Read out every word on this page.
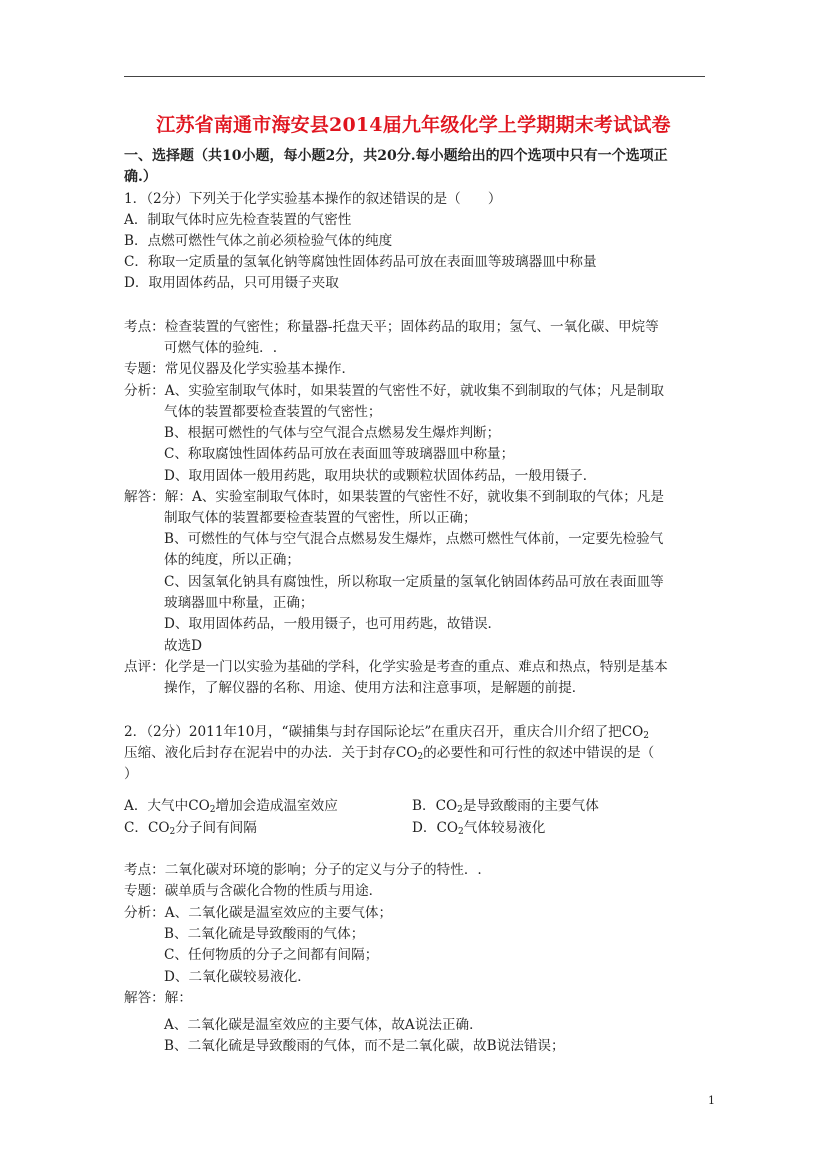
江苏省南通市海安县2014届九年级化学上学期期末考试试卷
一、选择题（共10小题，每小题2分，共20分.每小题给出的四个选项中只有一个选项正
确.）
1．（2分）下列关于化学实验基本操作的叙述错误的是（　　）
A．制取气体时应先检查装置的气密性
B．点燃可燃性气体之前必须检验气体的纯度
C．称取一定质量的氢氧化钠等腐蚀性固体药品可放在表面皿等玻璃器皿中称量
D．取用固体药品，只可用镊子夹取
考点：检查装置的气密性；称量器-托盘天平；固体药品的取用；氢气、一氧化碳、甲烷等
可燃气体的验纯．.
专题：常见仪器及化学实验基本操作．
分析：A、实验室制取气体时，如果装置的气密性不好，就收集不到制取的气体；凡是制取
气体的装置都要检查装置的气密性；
B、根据可燃性的气体与空气混合点燃易发生爆炸判断；
C、称取腐蚀性固体药品可放在表面皿等玻璃器皿中称量；
D、取用固体一般用药匙，取用块状的或颗粒状固体药品，一般用镊子．
解答：解：A、实验室制取气体时，如果装置的气密性不好，就收集不到制取的气体；凡是
制取气体的装置都要检查装置的气密性，所以正确；
B、可燃性的气体与空气混合点燃易发生爆炸，点燃可燃性气体前，一定要先检验气
体的纯度，所以正确；
C、因氢氧化钠具有腐蚀性，所以称取一定质量的氢氧化钠固体药品可放在表面皿等
玻璃器皿中称量，正确；
D、取用固体药品，一般用镊子，也可用药匙，故错误．
故选D
点评：化学是一门以实验为基础的学科，化学实验是考查的重点、难点和热点，特别是基本
操作，了解仪器的名称、用途、使用方法和注意事项，是解题的前提．
2．（2分）2011年10月，“碳捕集与封存国际论坛”在重庆召开，重庆合川介绍了把$CO_2$
压缩、液化后封存在泥岩中的办法．关于封存$CO_2$的必要性和可行性的叙述中错误的是（
）
A．大气中$CO_2$增加会造成温室效应	B．$CO_2$是导致酸雨的主要气体
C．$CO_2$分子间有间隔	D．$CO_2$气体较易液化
考点：二氧化碳对环境的影响；分子的定义与分子的特性．.
专题：碳单质与含碳化合物的性质与用途．
分析：A、二氧化碳是温室效应的主要气体；
B、二氧化硫是导致酸雨的气体；
C、任何物质的分子之间都有间隔；
D、二氧化碳较易液化．
解答：解：
A、二氧化碳是温室效应的主要气体，故A说法正确．
B、二氧化硫是导致酸雨的气体，而不是二氧化碳，故B说法错误；
1
